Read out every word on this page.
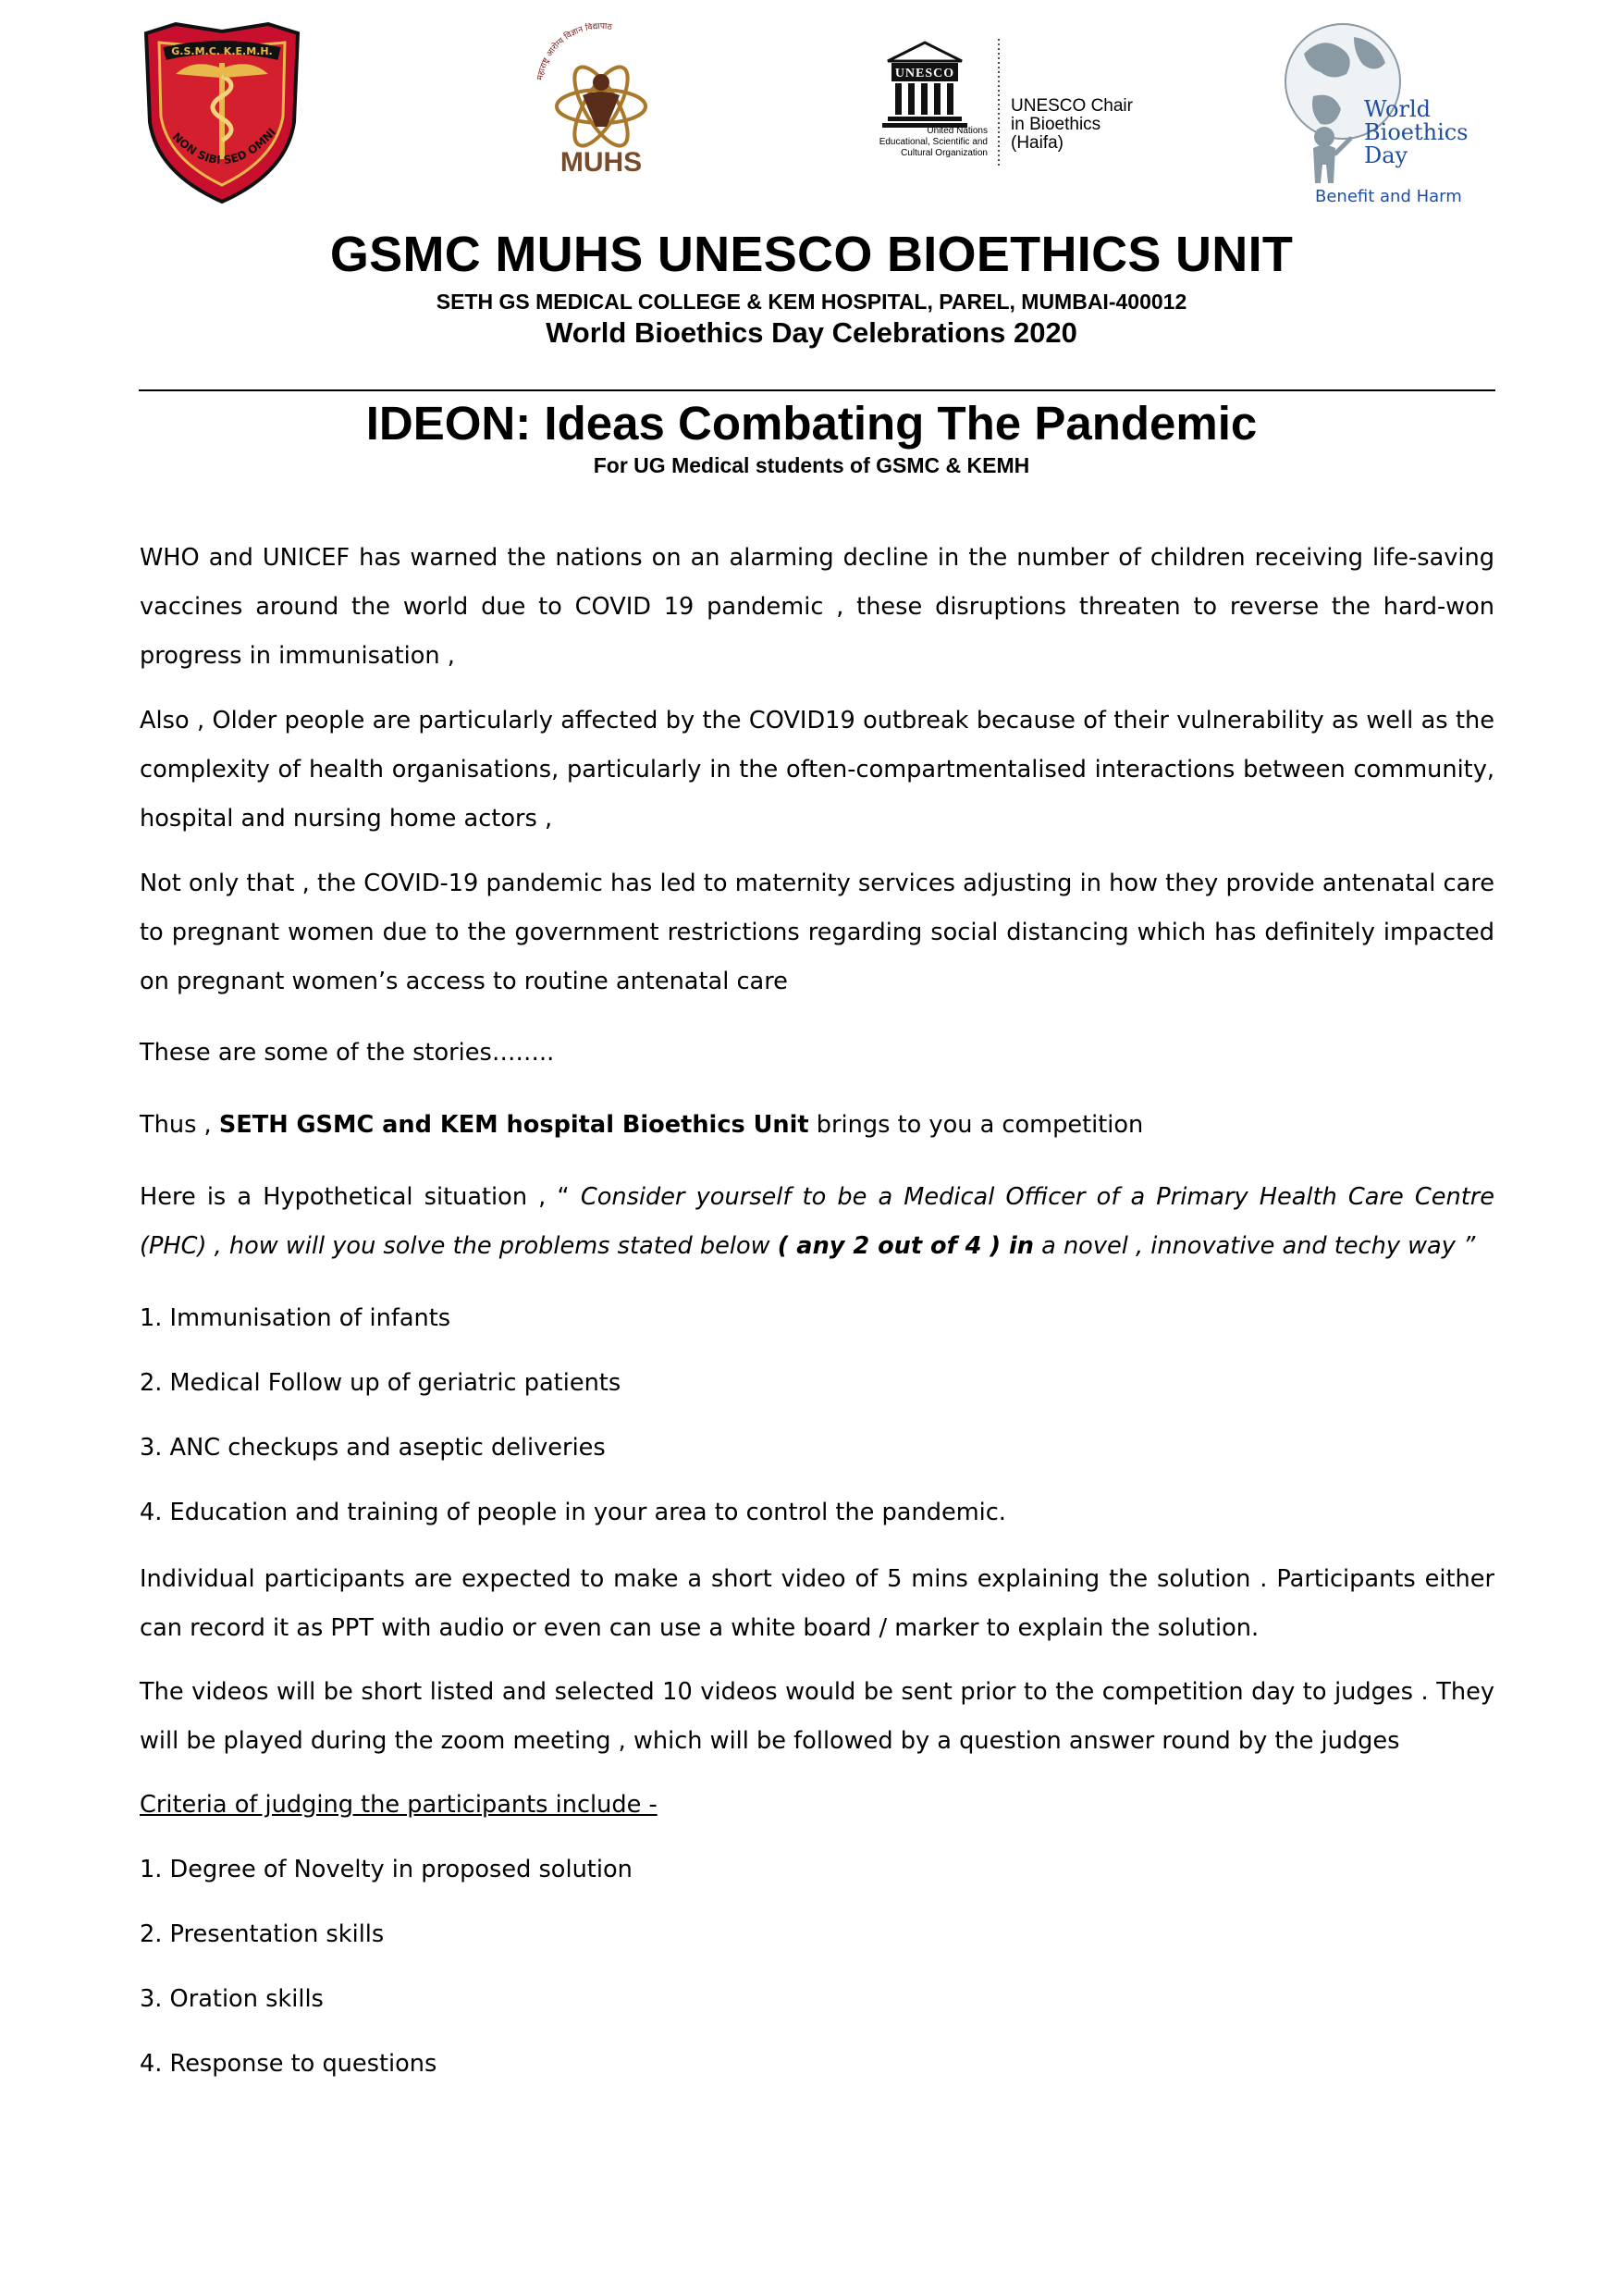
G.S.M.C. K.E.M.H.
NON SIBI SED OMNI
महाराष्ट्र आरोग्य विज्ञान विद्यापीठ
MUHS
UNESCO
United Nations
Educational, Scientific and
Cultural Organization
UNESCO Chair
in Bioethics
(Haifa)
World
Bioethics
Day
Benefit and Harm
GSMC MUHS UNESCO BIOETHICS UNIT
SETH GS MEDICAL COLLEGE & KEM HOSPITAL, PAREL, MUMBAI-400012
World Bioethics Day Celebrations 2020
IDEON: Ideas Combating The Pandemic
For UG Medical students of GSMC & KEMH
WHO and UNICEF has warned the nations on an alarming decline in the number of children receiving life-saving vaccines around the world due to COVID 19 pandemic , these disruptions threaten to reverse the hard-won progress in immunisation ,
Also , Older people are particularly affected by the COVID19 outbreak because of their vulnerability as well as the complexity of health organisations, particularly in the often-compartmentalised interactions between community, hospital and nursing home actors ,
Not only that , the COVID-19 pandemic has led to maternity services adjusting in how they provide antenatal care to pregnant women due to the government restrictions regarding social distancing which has definitely impacted on pregnant women’s access to routine antenatal care
These are some of the stories……..
Thus , SETH GSMC and KEM hospital Bioethics Unit brings to you a competition
Here is a Hypothetical situation , “ Consider yourself to be a Medical Officer of a Primary Health Care Centre (PHC) , how will you solve the problems stated below ( any 2 out of 4 ) in a novel , innovative and techy way ”
1. Immunisation of infants
2. Medical Follow up of geriatric patients
3. ANC checkups and aseptic deliveries
4. Education and training of people in your area to control the pandemic.
Individual participants are expected to make a short video of 5 mins explaining the solution . Participants either can record it as PPT with audio or even can use a white board / marker to explain the solution.
The videos will be short listed and selected 10 videos would be sent prior to the competition day to judges . They will be played during the zoom meeting , which will be followed by a question answer round by the judges
Criteria of judging the participants include -
1. Degree of Novelty in proposed solution
2. Presentation skills
3. Oration skills
4. Response to questions
